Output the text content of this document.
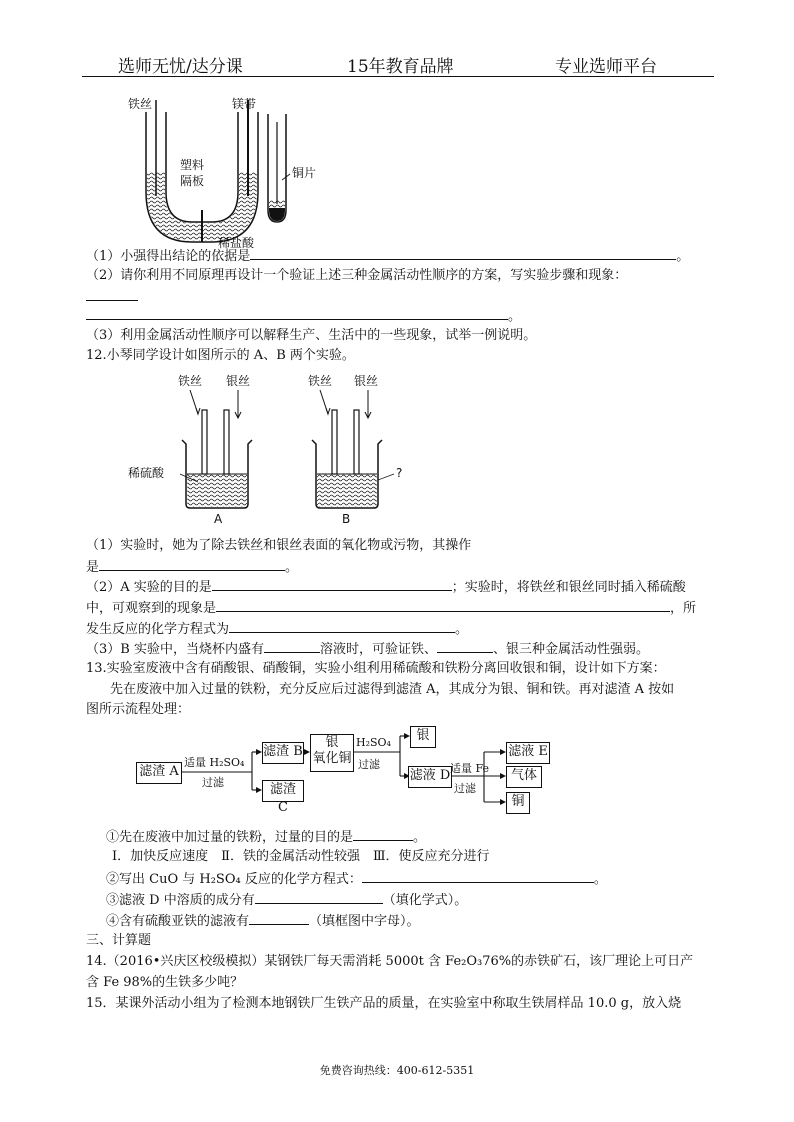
选师无忧/达分课	15年教育品牌	专业选师平台
铁丝	镁带
塑料
隔板
铜片
稀盐酸
（1）小强得出结论的依据是	。
（2）请你利用不同原理再设计一个验证上述三种金属活动性顺序的方案，写实验步骤和现象：
。
（3）利用金属活动性顺序可以解释生产、生活中的一些现象，试举一例说明。
12.小琴同学设计如图所示的 A、B 两个实验。
铁丝 银丝	铁丝 银丝
稀硫酸	?
A	B
（1）实验时，她为了除去铁丝和银丝表面的氧化物或污物，其操作
是	。
（2）A 实验的目的是	；实验时，将铁丝和银丝同时插入稀硫酸
中，可观察到的现象是	，所
发生反应的化学方程式为	。
（3）B 实验中，当烧杯内盛有	溶液时，可验证铁、	、银三种金属活动性强弱。
13.实验室废液中含有硝酸银、硝酸铜，实验小组利用稀硫酸和铁粉分离回收银和铜，设计如下方案：
先在废液中加入过量的铁粉，充分反应后过滤得到滤渣 A，其成分为银、铜和铁。再对滤渣 A 按如
图所示流程处理：
滤渣 A
适量 H₂SO₄
过滤
滤渣 B
滤渣 C
银
氧化铜
H₂SO₄
过滤
银
滤液 D 适量 Fe
过滤
滤液 E
气体
铜
①先在废液中加过量的铁粉，过量的目的是	。
Ⅰ．加快反应速度　Ⅱ．铁的金属活动性较强　Ⅲ．使反应充分进行
②写出 CuO 与 H₂SO₄ 反应的化学方程式：	。
③滤液 D 中溶质的成分有	（填化学式）。
④含有硫酸亚铁的滤液有	（填框图中字母）。
三、计算题
14.（2016•兴庆区校级模拟）某钢铁厂每天需消耗 5000t 含 Fe₂O₃76%的赤铁矿石，该厂理论上可日产
含 Fe 98%的生铁多少吨？
15．某课外活动小组为了检测本地钢铁厂生铁产品的质量，在实验室中称取生铁屑样品 10.0 g，放入烧
免费咨询热线：400-612-5351
